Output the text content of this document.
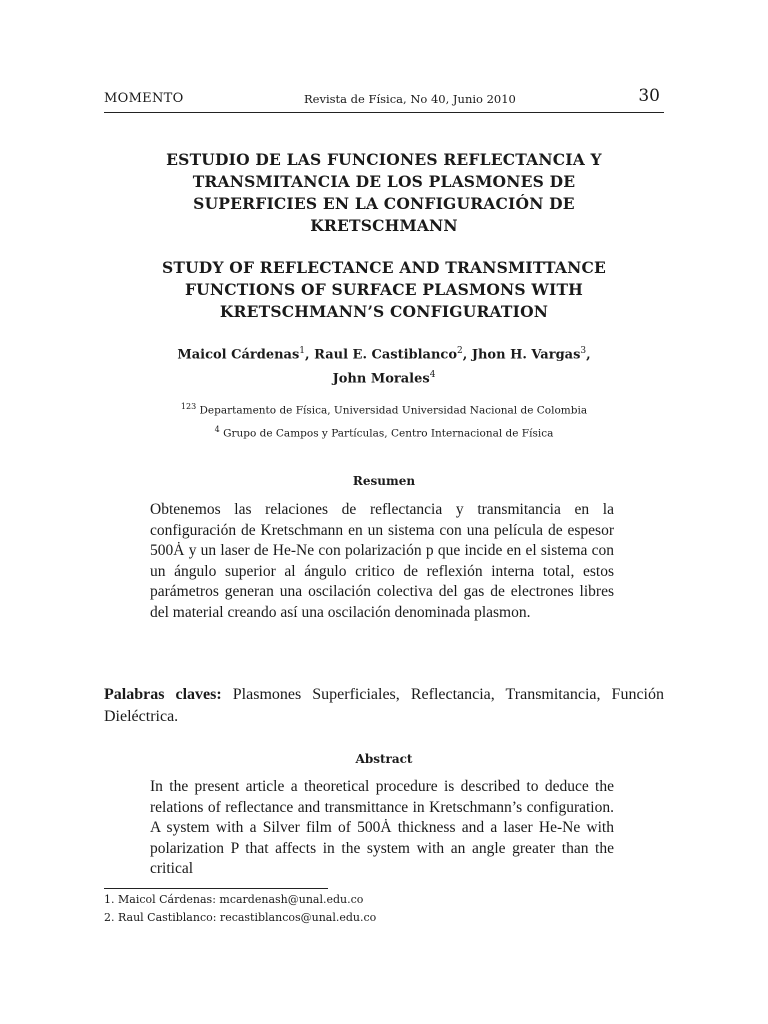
MOMENTO	Revista de Física, No 40, Junio 2010	30
ESTUDIO DE LAS FUNCIONES REFLECTANCIA Y
TRANSMITANCIA DE LOS PLASMONES DE
SUPERFICIES EN LA CONFIGURACIÓN DE
KRETSCHMANN
STUDY OF REFLECTANCE AND TRANSMITTANCE
FUNCTIONS OF SURFACE PLASMONS WITH
KRETSCHMANN’S CONFIGURATION
Maicol Cárdenas$^1$, Raul E. Castiblanco$^2$, Jhon H. Vargas$^3$,
John Morales$^4$
$^{123}$ Departamento de Física, Universidad Universidad Nacional de Colombia
$^4$ Grupo de Campos y Partículas, Centro Internacional de Física
Resumen

Obtenemos las relaciones de reflectancia y transmitancia en la configuración de Kretschmann en un sistema con una película de espesor 500Ȧ y un laser de He-Ne con polarización p que incide en el sistema con un ángulo superior al ángulo critico de reflexión interna total, estos parámetros generan una oscilación colectiva del gas de electrones libres del material creando así una oscilación denominada plasmon.

Palabras claves: Plasmones Superficiales, Reflectancia, Transmitancia, Función Dieléctrica.

Abstract

In the present article a theoretical procedure is described to deduce the relations of reflectance and transmittance in Kretschmann’s configuration. A system with a Silver film of 500Ȧ thickness and a laser He-Ne with polarization P that affects in the system with an angle greater than the critical

1. Maicol Cárdenas: mcardenash@unal.edu.co
2. Raul Castiblanco: recastiblancos@unal.edu.co
